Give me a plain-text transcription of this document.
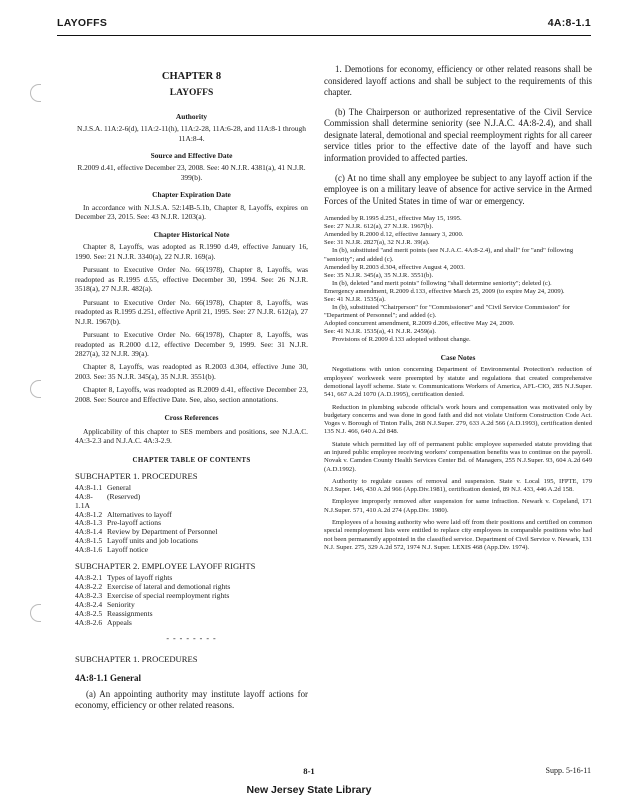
LAYOFFS	4A:8-1.1
CHAPTER 8
LAYOFFS
Authority

N.J.S.A. 11A:2-6(d), 11A:2-11(h), 11A:2-28, 11A:6-28, and 11A:8-1 through 11A:8-4.

Source and Effective Date

R.2009 d.41, effective December 23, 2008. See: 40 N.J.R. 4381(a), 41 N.J.R. 399(b).

Chapter Expiration Date

In accordance with N.J.S.A. 52:14B-5.1b, Chapter 8, Layoffs, expires on December 23, 2015. See: 43 N.J.R. 1203(a).

Chapter Historical Note

Chapter 8, Layoffs, was adopted as R.1990 d.49, effective January 16, 1990. See: 21 N.J.R. 3340(a), 22 N.J.R. 169(a).

Pursuant to Executive Order No. 66(1978), Chapter 8, Layoffs, was readopted as R.1995 d.55, effective December 30, 1994. See: 26 N.J.R. 3518(a), 27 N.J.R. 482(a).

Pursuant to Executive Order No. 66(1978), Chapter 8, Layoffs, was readopted as R.1995 d.251, effective April 21, 1995. See: 27 N.J.R. 612(a), 27 N.J.R. 1967(b).

Pursuant to Executive Order No. 66(1978), Chapter 8, Layoffs, was readopted as R.2000 d.12, effective December 9, 1999. See: 31 N.J.R. 2827(a), 32 N.J.R. 39(a).

Chapter 8, Layoffs, was readopted as R.2003 d.304, effective June 30, 2003. See: 35 N.J.R. 345(a), 35 N.J.R. 3551(b).

Chapter 8, Layoffs, was readopted as R.2009 d.41, effective December 23, 2008. See: Source and Effective Date. See, also, section annotations.

Cross References

Applicability of this chapter to SES members and positions, see N.J.A.C. 4A:3-2.3 and N.J.A.C. 4A:3-2.9.

CHAPTER TABLE OF CONTENTS
SUBCHAPTER 1. PROCEDURES
4A:8-1.1 General
4A:8-1.1A
(Reserved)
4A:8-1.2 Alternatives to layoff
4A:8-1.3 Pre-layoff actions
4A:8-1.4 Review by Department of Personnel
4A:8-1.5 Layoff units and job locations
4A:8-1.6 Layoff notice
SUBCHAPTER 2. EMPLOYEE LAYOFF RIGHTS
4A:8-2.1 Types of layoff rights
4A:8-2.2 Exercise of lateral and demotional rights
4A:8-2.3 Exercise of special reemployment rights
4A:8-2.4 Seniority
4A:8-2.5 Reassignments
4A:8-2.6 Appeals
- - - - - - - -
SUBCHAPTER 1. PROCEDURES
4A:8-1.1 General

(a) An appointing authority may institute layoff actions for economy, efficiency or other related reasons.

1. Demotions for economy, efficiency or other related reasons shall be considered layoff actions and shall be subject to the requirements of this chapter.

(b) The Chairperson or authorized representative of the Civil Service Commission shall determine seniority (see N.J.A.C. 4A:8-2.4), and shall designate lateral, demotional and special reemployment rights for all career service titles prior to the effective date of the layoff and have such information provided to affected parties.

(c) At no time shall any employee be subject to any layoff action if the employee is on a military leave of absence for active service in the Armed Forces of the United States in time of war or emergency.

Amended by R.1995 d.251, effective May 15, 1995.
See: 27 N.J.R. 612(a), 27 N.J.R. 1967(b).
Amended by R.2000 d.12, effective January 3, 2000.
See: 31 N.J.R. 2827(a), 32 N.J.R. 39(a).
In (b), substituted "and merit points (see N.J.A.C. 4A:8-2.4), and shall" for "and" following "seniority"; and added (c).
Amended by R.2003 d.304, effective August 4, 2003.
See: 35 N.J.R. 345(a), 35 N.J.R. 3551(b).
In (b), deleted "and merit points" following "shall determine seniority"; deleted (c).
Emergency amendment, R.2009 d.133, effective March 25, 2009 (to expire May 24, 2009).
See: 41 N.J.R. 1535(a).
In (b), substituted "Chairperson" for "Commissioner" and "Civil Service Commission" for "Department of Personnel"; and added (c).
Adopted concurrent amendment, R.2009 d.206, effective May 24, 2009.
See: 41 N.J.R. 1535(a), 41 N.J.R. 2459(a).
Provisions of R.2009 d.133 adopted without change.
Case Notes

Negotiations with union concerning Department of Environmental Protection's reduction of employees' workweek were preempted by statute and regulations that created comprehensive demotional layoff scheme. State v. Communications Workers of America, AFL-CIO, 285 N.J.Super. 541, 667 A.2d 1070 (A.D.1995), certification denied.

Reduction in plumbing subcode official's work hours and compensation was motivated only by budgetary concerns and was done in good faith and did not violate Uniform Construction Code Act. Voges v. Borough of Tinton Falls, 268 N.J.Super. 279, 633 A.2d 566 (A.D.1993), certification denied 135 N.J. 466, 640 A.2d 848.

Statute which permitted lay off of permanent public employee superseded statute providing that an injured public employee receiving workers' compensation benefits was to continue on the payroll. Novak v. Camden County Health Services Center Bd. of Managers, 255 N.J.Super. 93, 604 A.2d 649 (A.D.1992).

Authority to regulate causes of removal and suspension. State v. Local 195, IFPTE, 179 N.J.Super. 146, 430 A.2d 966 (App.Div.1981), certification denied, 89 N.J. 433, 446 A.2d 158.

Employee improperly removed after suspension for same infraction. Newark v. Copeland, 171 N.J.Super. 571, 410 A.2d 274 (App.Div. 1980).

Employees of a housing authority who were laid off from their positions and certified on common special reemployment lists were entitled to replace city employees in comparable positions who had not been permanently appointed in the classified service. Department of Civil Service v. Newark, 131 N.J. Super. 275, 329 A.2d 572, 1974 N.J. Super. LEXIS 468 (App.Div. 1974).

8-1	Supp. 5-16-11
New Jersey State Library
